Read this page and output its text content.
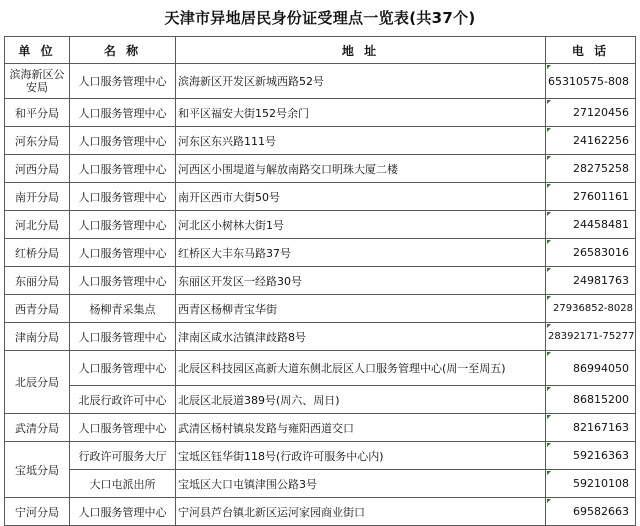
天津市异地居民身份证受理点一览表(共37个)
单 位	名 称	地 址	电 话
滨海新区公安局	人口服务管理中心	滨海新区开发区新城西路52号	65310575-808
和平分局	人口服务管理中心	和平区福安大街152号余门	27120456
河东分局	人口服务管理中心	河东区东兴路111号	24162256
河西分局	人口服务管理中心	河西区小围堤道与解放南路交口明珠大厦二楼	28275258
南开分局	人口服务管理中心	南开区西市大街50号	27601161
河北分局	人口服务管理中心	河北区小树林大街1号	24458481
红桥分局	人口服务管理中心	红桥区大丰东马路37号	26583016
东丽分局	人口服务管理中心	东丽区开发区一经路30号	24981763
西青分局	杨柳青采集点	西青区杨柳青宝华街	27936852-8028
津南分局	人口服务管理中心	津南区咸水沽镇津歧路8号	28392171-75277
北辰分局	人口服务管理中心	北辰区科技园区高新大道东侧北辰区人口服务管理中心(周一至周五)	86994050
	北辰行政许可中心	北辰区北辰道389号(周六、周日)	86815200
武清分局	人口服务管理中心	武清区杨村镇泉发路与雍阳西道交口	82167163
宝坻分局	行政许可服务大厅	宝坻区钰华街118号(行政许可服务中心内)	59216363
	大口屯派出所	宝坻区大口屯镇津围公路3号	59210108
宁河分局	人口服务管理中心	宁河县芦台镇北新区运河家园商业街口	69582663
